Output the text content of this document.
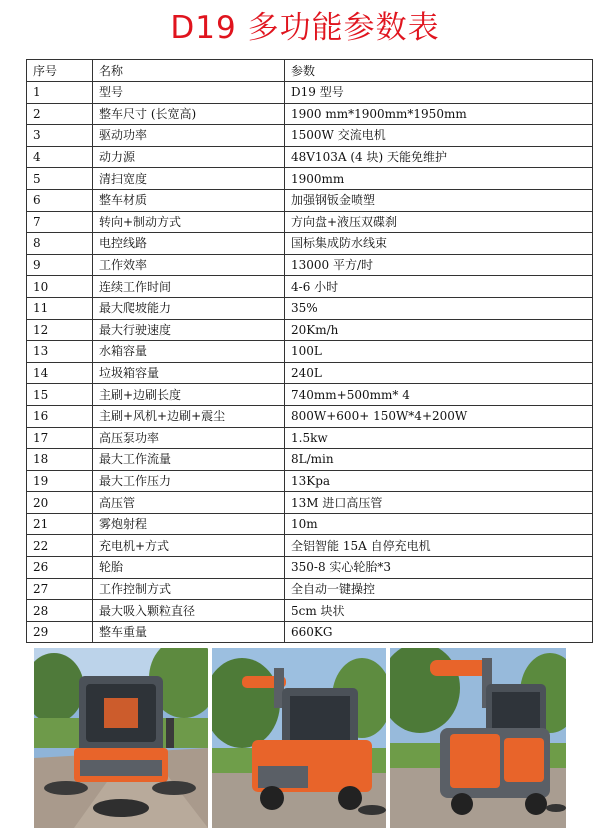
D19 多功能参数表
序号	名称	参数
1	型号	D19 型号
2	整车尺寸 (长宽高)	1900 mm*1900mm*1950mm
3	驱动功率	1500W 交流电机
4	动力源	48V103A (4 块) 天能免维护
5	清扫宽度	1900mm
6	整车材质	加强钢钣金喷塑
7	转向+制动方式	方向盘+液压双碟刹
8	电控线路	国标集成防水线束
9	工作效率	13000 平方/时
10	连续工作时间	4-6 小时
11	最大爬坡能力	35%
12	最大行驶速度	20Km/h
13	水箱容量	100L
14	垃圾箱容量	240L
15	主刷+边刷长度	740mm+500mm* 4
16	主刷+风机+边刷+震尘	800W+600+ 150W*4+200W
17	高压泵功率	1.5kw
18	最大工作流量	8L/min
19	最大工作压力	13Kpa
20	高压管	13M 进口高压管
21	雾炮射程	10m
22	充电机+方式	全铝智能 15A 自停充电机
26	轮胎	350-8 实心轮胎*3
27	工作控制方式	全自动一键操控
28	最大吸入颗粒直径	5cm 块状
29	整车重量	660KG
